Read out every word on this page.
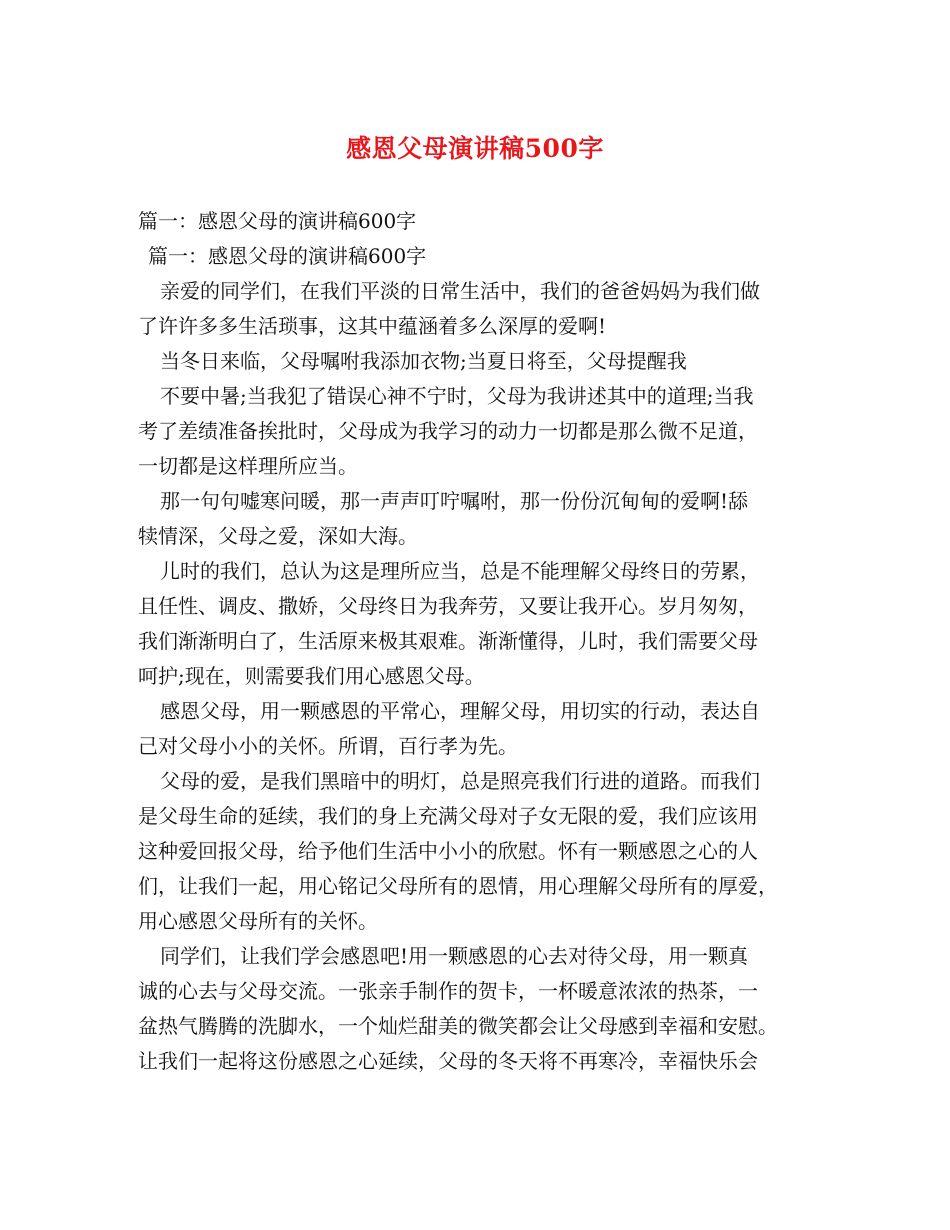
感恩父母演讲稿500字
篇一：感恩父母的演讲稿600字
篇一：感恩父母的演讲稿600字
亲爱的同学们，在我们平淡的日常生活中，我们的爸爸妈妈为我们做
了许许多多生活琐事，这其中蕴涵着多么深厚的爱啊!
当冬日来临，父母嘱咐我添加衣物;当夏日将至，父母提醒我
不要中暑;当我犯了错误心神不宁时，父母为我讲述其中的道理;当我
考了差绩准备挨批时，父母成为我学习的动力一切都是那么微不足道，
一切都是这样理所应当。
那一句句嘘寒问暖，那一声声叮咛嘱咐，那一份份沉甸甸的爱啊!舔
犊情深，父母之爱，深如大海。
儿时的我们，总认为这是理所应当，总是不能理解父母终日的劳累，
且任性、调皮、撒娇，父母终日为我奔劳，又要让我开心。岁月匆匆，
我们渐渐明白了，生活原来极其艰难。渐渐懂得，儿时，我们需要父母
呵护;现在，则需要我们用心感恩父母。
感恩父母，用一颗感恩的平常心，理解父母，用切实的行动，表达自
己对父母小小的关怀。所谓，百行孝为先。
父母的爱，是我们黑暗中的明灯，总是照亮我们行进的道路。而我们
是父母生命的延续，我们的身上充满父母对子女无限的爱，我们应该用
这种爱回报父母，给予他们生活中小小的欣慰。怀有一颗感恩之心的人
们，让我们一起，用心铭记父母所有的恩情，用心理解父母所有的厚爱，
用心感恩父母所有的关怀。
同学们，让我们学会感恩吧!用一颗感恩的心去对待父母，用一颗真
诚的心去与父母交流。一张亲手制作的贺卡，一杯暖意浓浓的热茶，一
盆热气腾腾的洗脚水，一个灿烂甜美的微笑都会让父母感到幸福和安慰。
让我们一起将这份感恩之心延续，父母的冬天将不再寒冷，幸福快乐会
